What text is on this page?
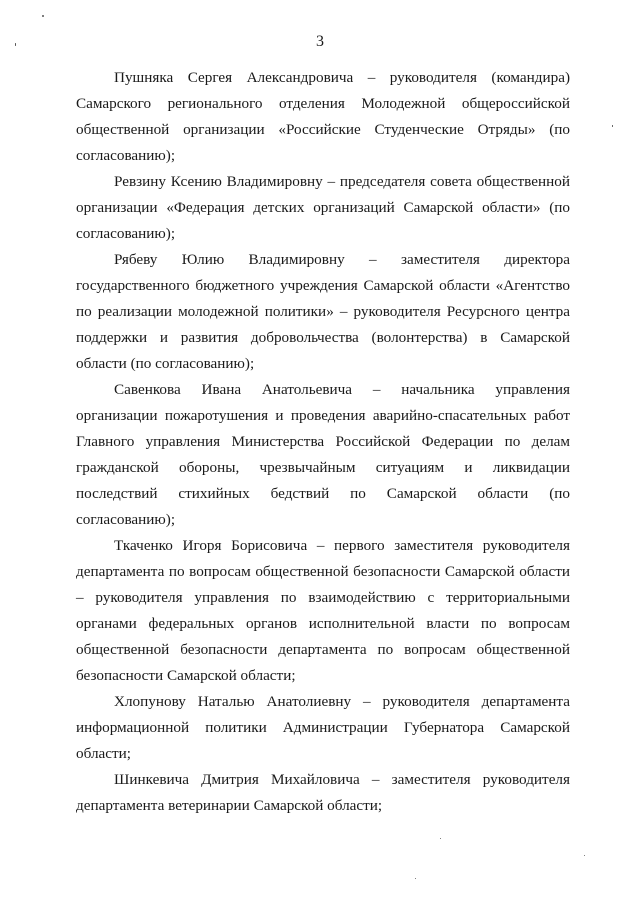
3

Пушняка Сергея Александровича – руководителя (командира) Самарского регионального отделения Молодежной общероссийской общественной организации «Российские Студенческие Отряды» (по согласованию);

Ревзину Ксению Владимировну – председателя совета общественной организации «Федерация детских организаций Самарской области» (по согласованию);

Рябеву Юлию Владимировну – заместителя директора государственного бюджетного учреждения Самарской области «Агентство по реализации молодежной политики» – руководителя Ресурсного центра поддержки и развития добровольчества (волонтерства) в Самарской области (по согласованию);

Савенкова Ивана Анатольевича – начальника управления организации пожаротушения и проведения аварийно-спасательных работ Главного управления Министерства Российской Федерации по делам гражданской обороны, чрезвычайным ситуациям и ликвидации последствий стихийных бедствий по Самарской области (по согласованию);

Ткаченко Игоря Борисовича – первого заместителя руководителя департамента по вопросам общественной безопасности Самарской области – руководителя управления по взаимодействию с территориальными органами федеральных органов исполнительной власти по вопросам общественной безопасности департамента по вопросам общественной безопасности Самарской области;

Хлопунову Наталью Анатолиевну – руководителя департамента информационной политики Администрации Губернатора Самарской области;

Шинкевича Дмитрия Михайловича – заместителя руководителя департамента ветеринарии Самарской области;
